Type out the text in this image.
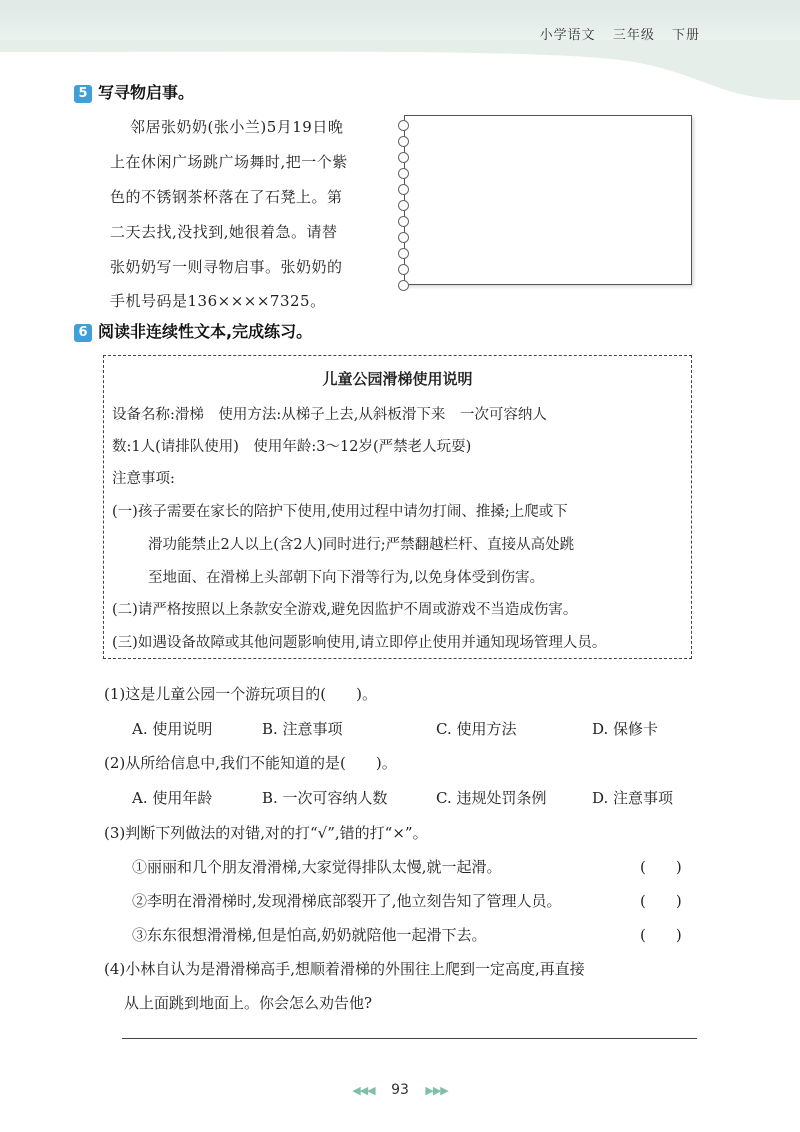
小学语文 三年级 下册
5 写寻物启事。
邻居张奶奶(张小兰)5月19日晚
上在休闲广场跳广场舞时,把一个紫
色的不锈钢茶杯落在了石凳上。第
二天去找,没找到,她很着急。请替
张奶奶写一则寻物启事。张奶奶的
手机号码是136××××7325。
6 阅读非连续性文本,完成练习。
儿童公园滑梯使用说明
设备名称:滑梯　使用方法:从梯子上去,从斜板滑下来　一次可容纳人
数:1人(请排队使用)　使用年龄:3～12岁(严禁老人玩耍)
注意事项:
(一)孩子需要在家长的陪护下使用,使用过程中请勿打闹、推搡;上爬或下
滑功能禁止2人以上(含2人)同时进行;严禁翻越栏杆、直接从高处跳
至地面、在滑梯上头部朝下向下滑等行为,以免身体受到伤害。
(二)请严格按照以上条款安全游戏,避免因监护不周或游戏不当造成伤害。
(三)如遇设备故障或其他问题影响使用,请立即停止使用并通知现场管理人员。
(1)这是儿童公园一个游玩项目的(　　)。
A. 使用说明	B. 注意事项	C. 使用方法	D. 保修卡
(2)从所给信息中,我们不能知道的是(　　)。
A. 使用年龄	B. 一次可容纳人数	C. 违规处罚条例	D. 注意事项
(3)判断下列做法的对错,对的打“√”,错的打“×”。
①丽丽和几个朋友滑滑梯,大家觉得排队太慢,就一起滑。	(　　)
②李明在滑滑梯时,发现滑梯底部裂开了,他立刻告知了管理人员。	(　　)
③东东很想滑滑梯,但是怕高,奶奶就陪他一起滑下去。	(　　)
(4)小林自认为是滑滑梯高手,想顺着滑梯的外围往上爬到一定高度,再直接
从上面跳到地面上。你会怎么劝告他?
◀◀◀ 93 ▶▶▶
